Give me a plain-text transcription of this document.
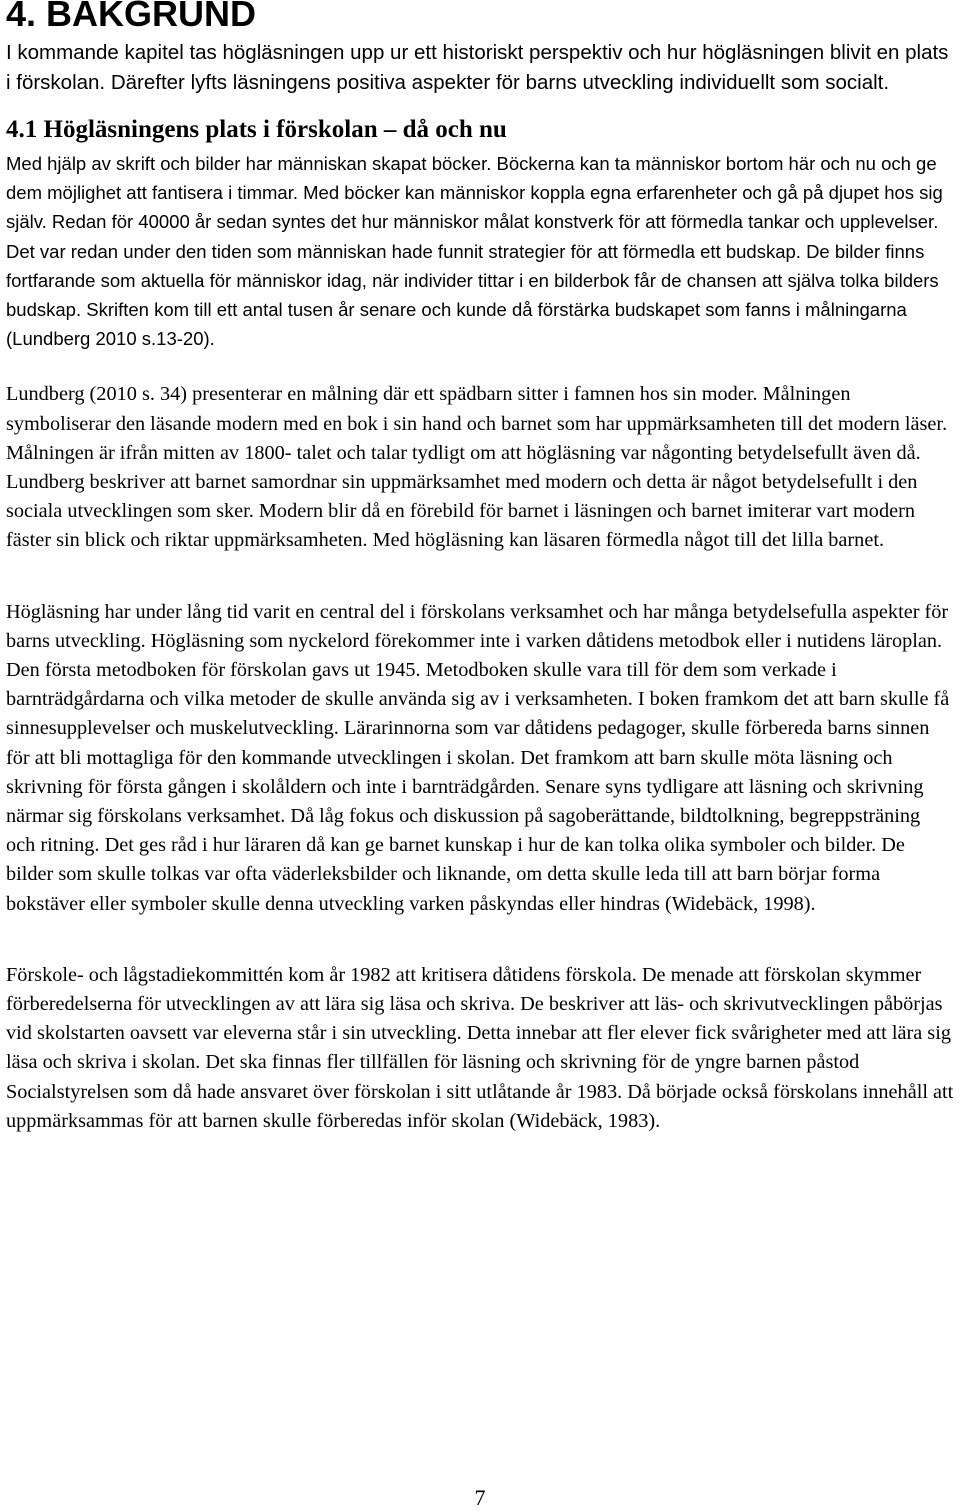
4. BAKGRUND

I kommande kapitel tas högläsningen upp ur ett historiskt perspektiv och hur högläsningen blivit en plats i förskolan. Därefter lyfts läsningens positiva aspekter för barns utveckling individuellt som socialt.

4.1 Högläsningens plats i förskolan – då och nu

Med hjälp av skrift och bilder har människan skapat böcker. Böckerna kan ta människor bortom här och nu och ge dem möjlighet att fantisera i timmar. Med böcker kan människor koppla egna erfarenheter och gå på djupet hos sig själv. Redan för 40000 år sedan syntes det hur människor målat konstverk för att förmedla tankar och upplevelser. Det var redan under den tiden som människan hade funnit strategier för att förmedla ett budskap. De bilder finns fortfarande som aktuella för människor idag, när individer tittar i en bilderbok får de chansen att själva tolka bilders budskap. Skriften kom till ett antal tusen år senare och kunde då förstärka budskapet som fanns i målningarna (Lundberg 2010 s.13-20).

Lundberg (2010 s. 34) presenterar en målning där ett spädbarn sitter i famnen hos sin moder. Målningen symboliserar den läsande modern med en bok i sin hand och barnet som har uppmärksamheten till det modern läser. Målningen är ifrån mitten av 1800- talet och talar tydligt om att högläsning var någonting betydelsefullt även då. Lundberg beskriver att barnet samordnar sin uppmärksamhet med modern och detta är något betydelsefullt i den sociala utvecklingen som sker. Modern blir då en förebild för barnet i läsningen och barnet imiterar vart modern fäster sin blick och riktar uppmärksamheten. Med högläsning kan läsaren förmedla något till det lilla barnet.

Högläsning har under lång tid varit en central del i förskolans verksamhet och har många betydelsefulla aspekter för barns utveckling. Högläsning som nyckelord förekommer inte i varken dåtidens metodbok eller i nutidens läroplan. Den första metodboken för förskolan gavs ut 1945. Metodboken skulle vara till för dem som verkade i barnträdgårdarna och vilka metoder de skulle använda sig av i verksamheten. I boken framkom det att barn skulle få sinnesupplevelser och muskelutveckling. Lärarinnorna som var dåtidens pedagoger, skulle förbereda barns sinnen för att bli mottagliga för den kommande utvecklingen i skolan. Det framkom att barn skulle möta läsning och skrivning för första gången i skolåldern och inte i barnträdgården. Senare syns tydligare att läsning och skrivning närmar sig förskolans verksamhet. Då låg fokus och diskussion på sagoberättande, bildtolkning, begreppsträning och ritning. Det ges råd i hur läraren då kan ge barnet kunskap i hur de kan tolka olika symboler och bilder. De bilder som skulle tolkas var ofta väderleksbilder och liknande, om detta skulle leda till att barn börjar forma bokstäver eller symboler skulle denna utveckling varken påskyndas eller hindras (Widebäck, 1998).

Förskole- och lågstadiekommittén kom år 1982 att kritisera dåtidens förskola. De menade att förskolan skymmer förberedelserna för utvecklingen av att lära sig läsa och skriva. De beskriver att läs- och skrivutvecklingen påbörjas vid skolstarten oavsett var eleverna står i sin utveckling. Detta innebar att fler elever fick svårigheter med att lära sig läsa och skriva i skolan. Det ska finnas fler tillfällen för läsning och skrivning för de yngre barnen påstod Socialstyrelsen som då hade ansvaret över förskolan i sitt utlåtande år 1983. Då började också förskolans innehåll att uppmärksammas för att barnen skulle förberedas inför skolan (Widebäck, 1983).

7
